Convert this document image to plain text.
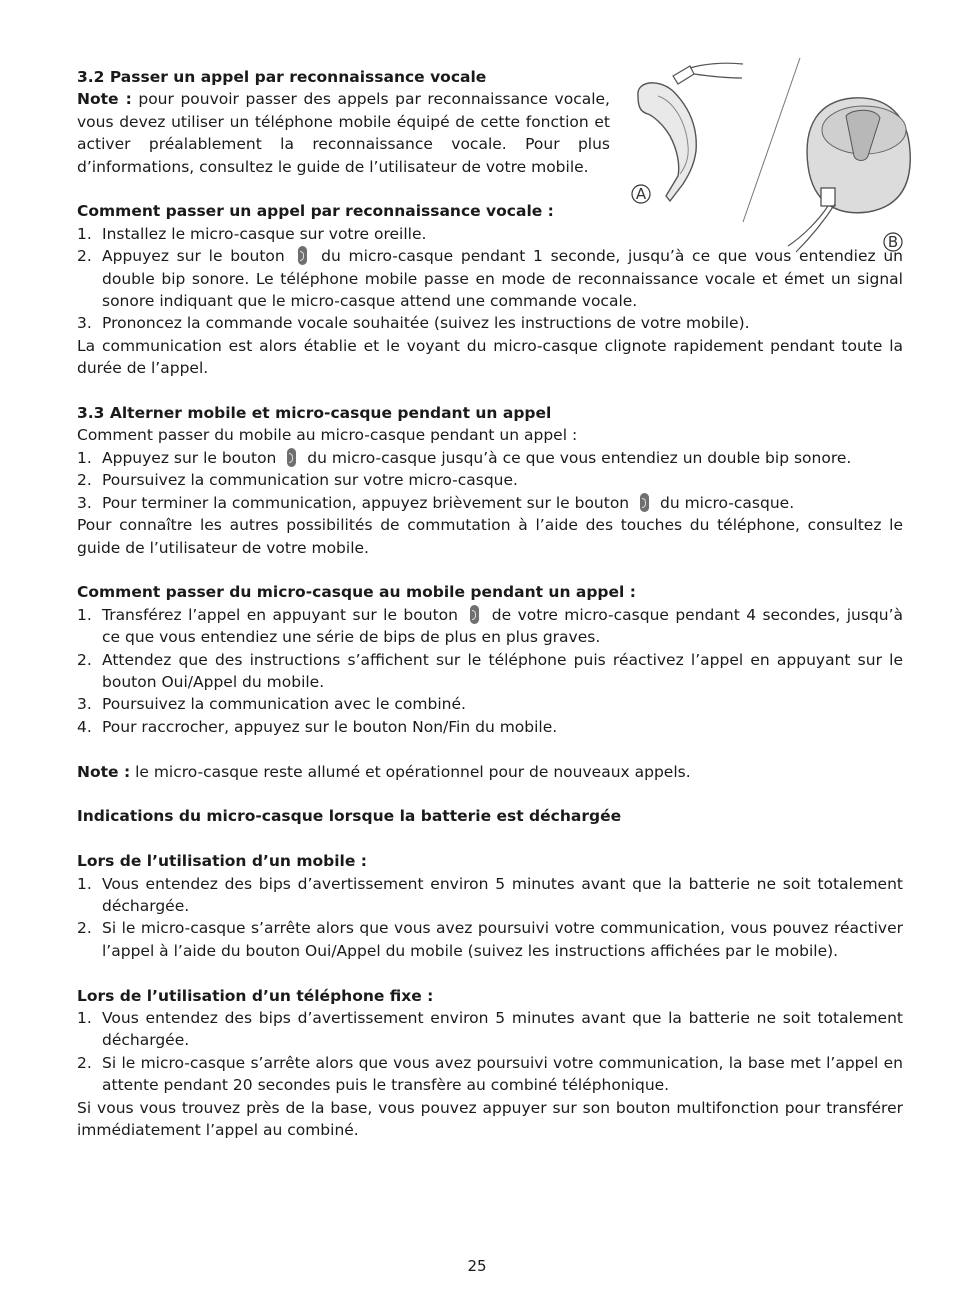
A
B
3.2 Passer un appel par reconnaissance vocale

Note : pour pouvoir passer des appels par reconnaissance vocale, vous devez utiliser un téléphone mobile équipé de cette fonction et activer préalablement la reconnaissance vocale. Pour plus d’informations, consultez le guide de l’utilisateur de votre mobile.

Comment passer un appel par reconnaissance vocale :
1. Installez le micro-casque sur votre oreille.
2. Appuyez sur le bouton  du micro-casque pendant 1 seconde, jusqu’à ce que vous entendiez un double bip sonore. Le téléphone mobile passe en mode de reconnaissance vocale et émet un signal sonore indiquant que le micro-casque attend une commande vocale.
3. Prononcez la commande vocale souhaitée (suivez les instructions de votre mobile).

La communication est alors établie et le voyant du micro-casque clignote rapidement pendant toute la durée de l’appel.

3.3 Alterner mobile et micro-casque pendant un appel

Comment passer du mobile au micro-casque pendant un appel :

1. Appuyez sur le bouton  du micro-casque jusqu’à ce que vous entendiez un double bip sonore.
2. Poursuivez la communication sur votre micro-casque.
3. Pour terminer la communication, appuyez brièvement sur le bouton  du micro-casque.

Pour connaître les autres possibilités de commutation à l’aide des touches du téléphone, consultez le guide de l’utilisateur de votre mobile.

Comment passer du micro-casque au mobile pendant un appel :
1. Transférez l’appel en appuyant sur le bouton  de votre micro-casque pendant 4 secondes, jusqu’à ce que vous entendiez une série de bips de plus en plus graves.
2. Attendez que des instructions s’affichent sur le téléphone puis réactivez l’appel en appuyant sur le bouton Oui/Appel du mobile.
3. Poursuivez la communication avec le combiné.
4. Pour raccrocher, appuyez sur le bouton Non/Fin du mobile.

Note : le micro-casque reste allumé et opérationnel pour de nouveaux appels.

Indications du micro-casque lorsque la batterie est déchargée
Lors de l’utilisation d’un mobile :
1. Vous entendez des bips d’avertissement environ 5 minutes avant que la batterie ne soit totalement déchargée.
2. Si le micro-casque s’arrête alors que vous avez poursuivi votre communication, vous pouvez réactiver l’appel à l’aide du bouton Oui/Appel du mobile (suivez les instructions affichées par le mobile).
Lors de l’utilisation d’un téléphone fixe :
1. Vous entendez des bips d’avertissement environ 5 minutes avant que la batterie ne soit totalement déchargée.
2. Si le micro-casque s’arrête alors que vous avez poursuivi votre communication, la base met l’appel en attente pendant 20 secondes puis le transfère au combiné téléphonique.

Si vous vous trouvez près de la base, vous pouvez appuyer sur son bouton multifonction pour transférer immédiatement l’appel au combiné.

25
